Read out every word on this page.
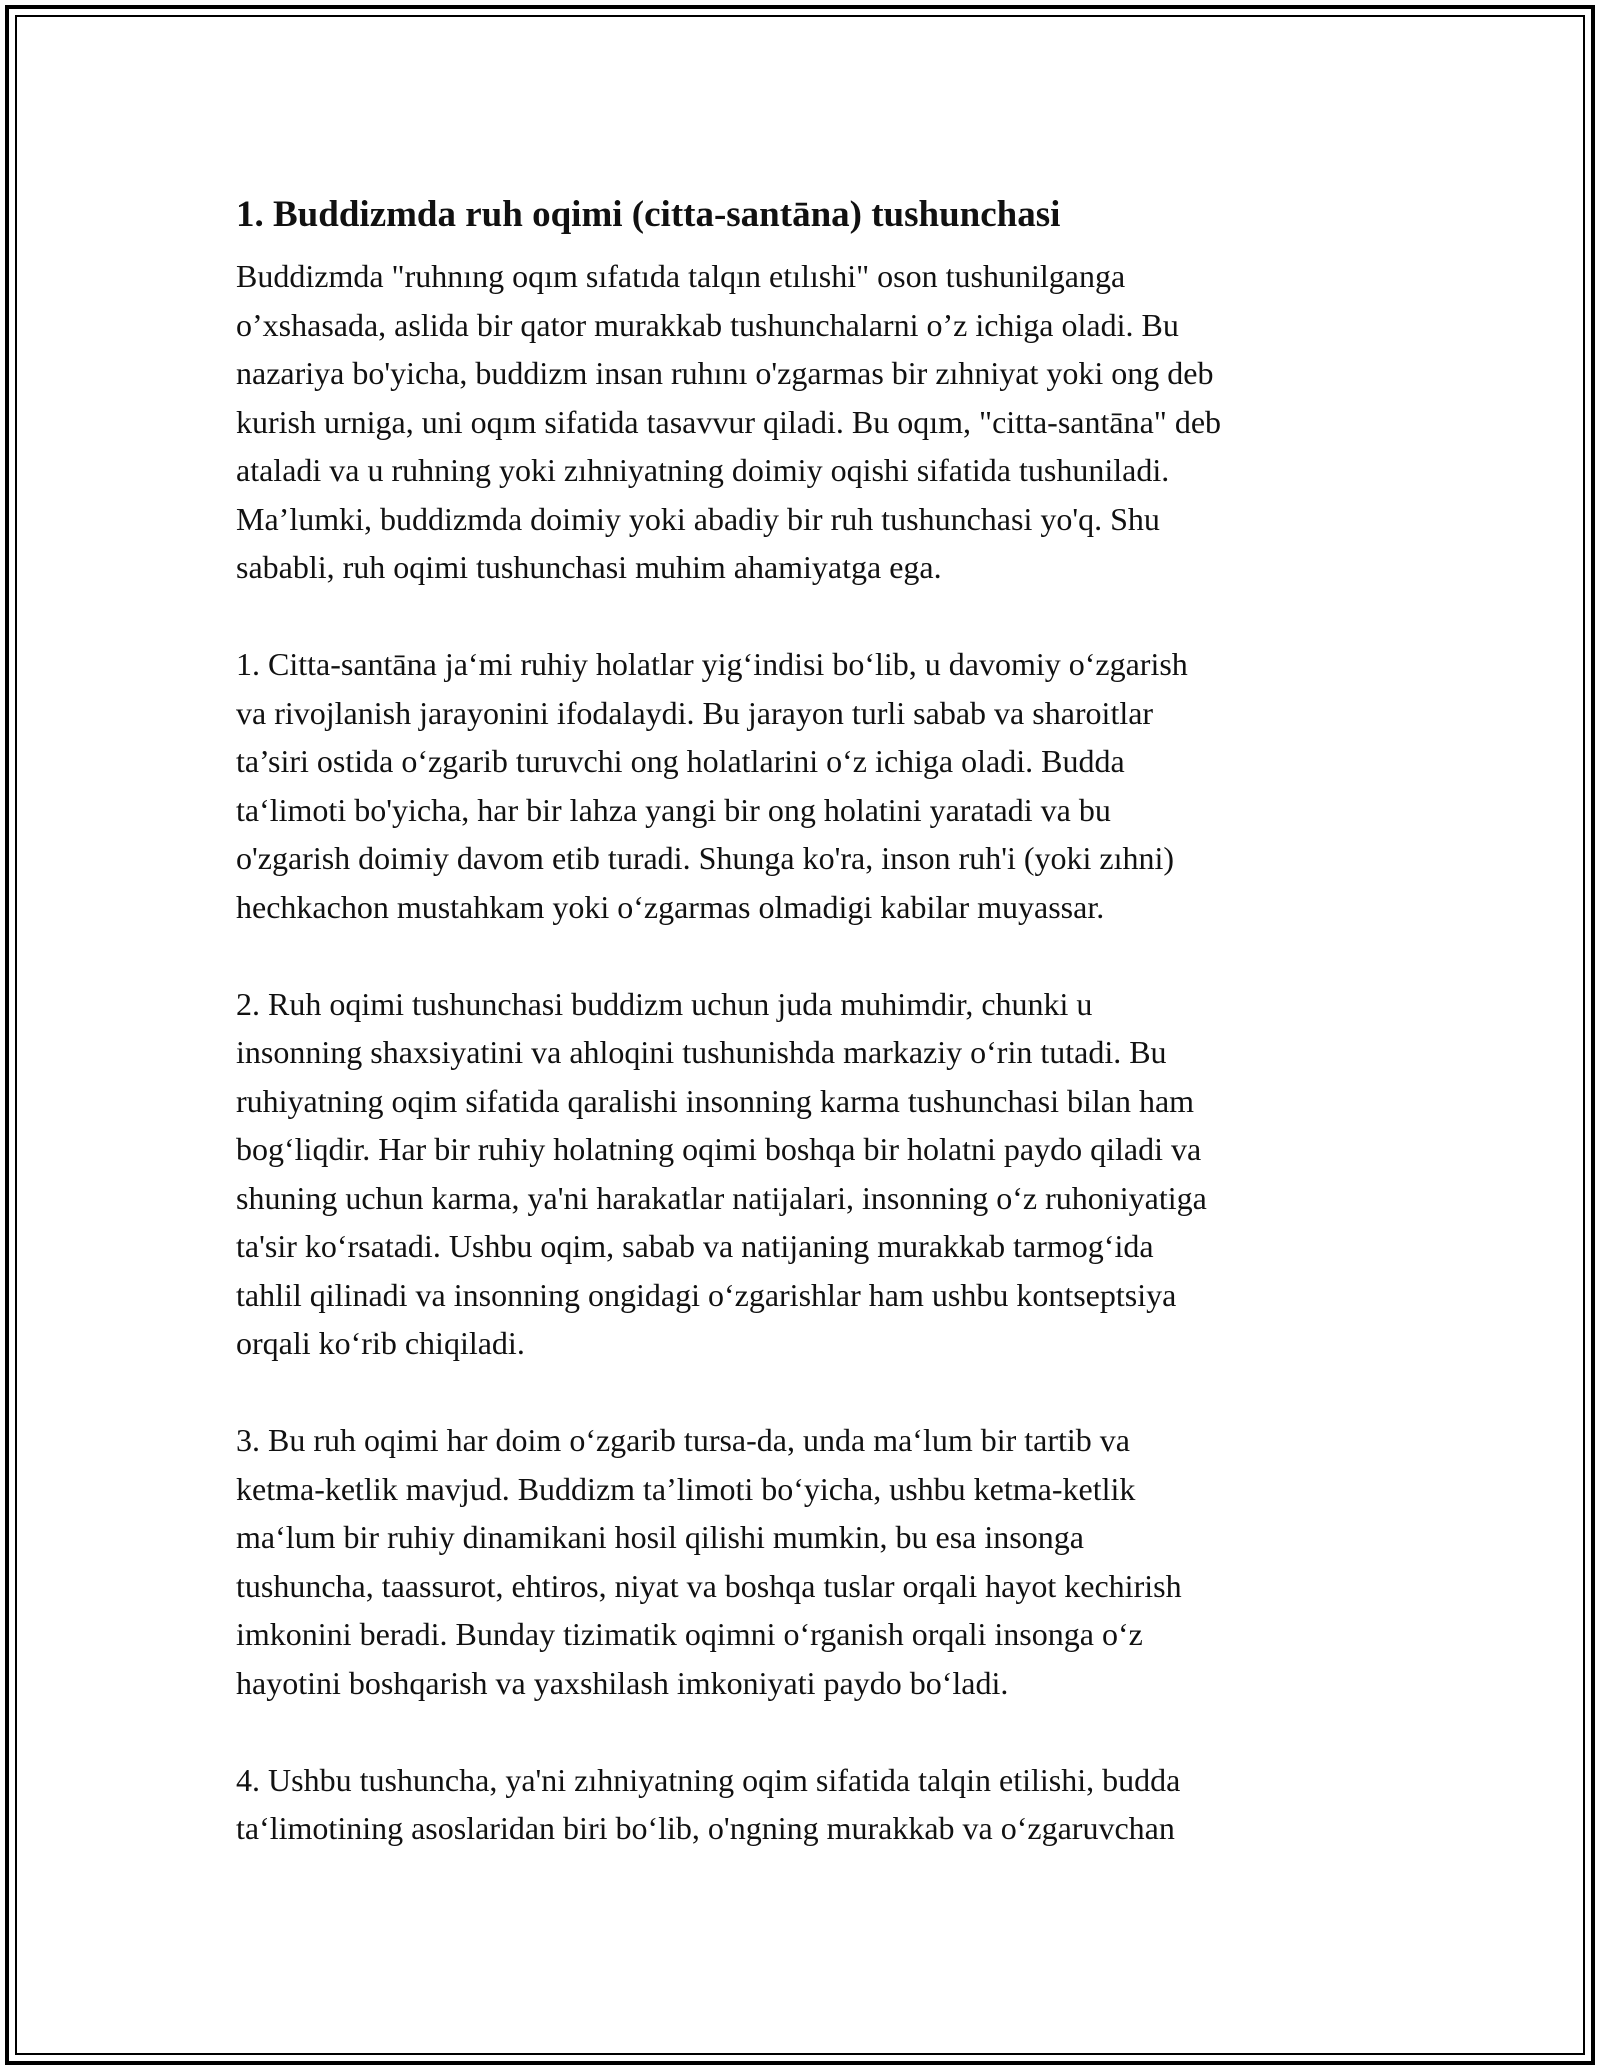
1. Buddizmda ruh oqimi (citta-santāna) tushunchasi

Buddizmda "ruhnıng oqım sıfatıda talqın etılıshi" oson tushunilganga
o’xshasada, aslida bir qator murakkab tushunchalarni o’z ichiga oladi. Bu
nazariya bo'yicha, buddizm insan ruhını o'zgarmas bir zıhniyat yoki ong deb
kurish urniga, uni oqım sifatida tasavvur qiladi. Bu oqım, "citta-santāna" deb
ataladi va u ruhning yoki zıhniyatning doimiy oqishi sifatida tushuniladi.
Ma’lumki, buddizmda doimiy yoki abadiy bir ruh tushunchasi yo'q. Shu
sababli, ruh oqimi tushunchasi muhim ahamiyatga ega.

1. Citta-santāna ja‘mi ruhiy holatlar yig‘indisi bo‘lib, u davomiy o‘zgarish
va rivojlanish jarayonini ifodalaydi. Bu jarayon turli sabab va sharoitlar
ta’siri ostida o‘zgarib turuvchi ong holatlarini o‘z ichiga oladi. Budda
ta‘limoti bo'yicha, har bir lahza yangi bir ong holatini yaratadi va bu
o'zgarish doimiy davom etib turadi. Shunga ko'ra, inson ruh'i (yoki zıhni)
hechkachon mustahkam yoki o‘zgarmas olmadigi kabilar muyassar.

2. Ruh oqimi tushunchasi buddizm uchun juda muhimdir, chunki u
insonning shaxsiyatini va ahloqini tushunishda markaziy o‘rin tutadi. Bu
ruhiyatning oqim sifatida qaralishi insonning karma tushunchasi bilan ham
bog‘liqdir. Har bir ruhiy holatning oqimi boshqa bir holatni paydo qiladi va
shuning uchun karma, ya'ni harakatlar natijalari, insonning o‘z ruhoniyatiga
ta'sir ko‘rsatadi. Ushbu oqim, sabab va natijaning murakkab tarmog‘ida
tahlil qilinadi va insonning ongidagi o‘zgarishlar ham ushbu kontseptsiya
orqali ko‘rib chiqiladi.

3. Bu ruh oqimi har doim o‘zgarib tursa-da, unda ma‘lum bir tartib va
ketma-ketlik mavjud. Buddizm ta’limoti bo‘yicha, ushbu ketma-ketlik
ma‘lum bir ruhiy dinamikani hosil qilishi mumkin, bu esa insonga
tushuncha, taassurot, ehtiros, niyat va boshqa tuslar orqali hayot kechirish
imkonini beradi. Bunday tizimatik oqimni o‘rganish orqali insonga o‘z
hayotini boshqarish va yaxshilash imkoniyati paydo bo‘ladi.

4. Ushbu tushuncha, ya'ni zıhniyatning oqim sifatida talqin etilishi, budda
ta‘limotining asoslaridan biri bo‘lib, o'ngning murakkab va o‘zgaruvchan
